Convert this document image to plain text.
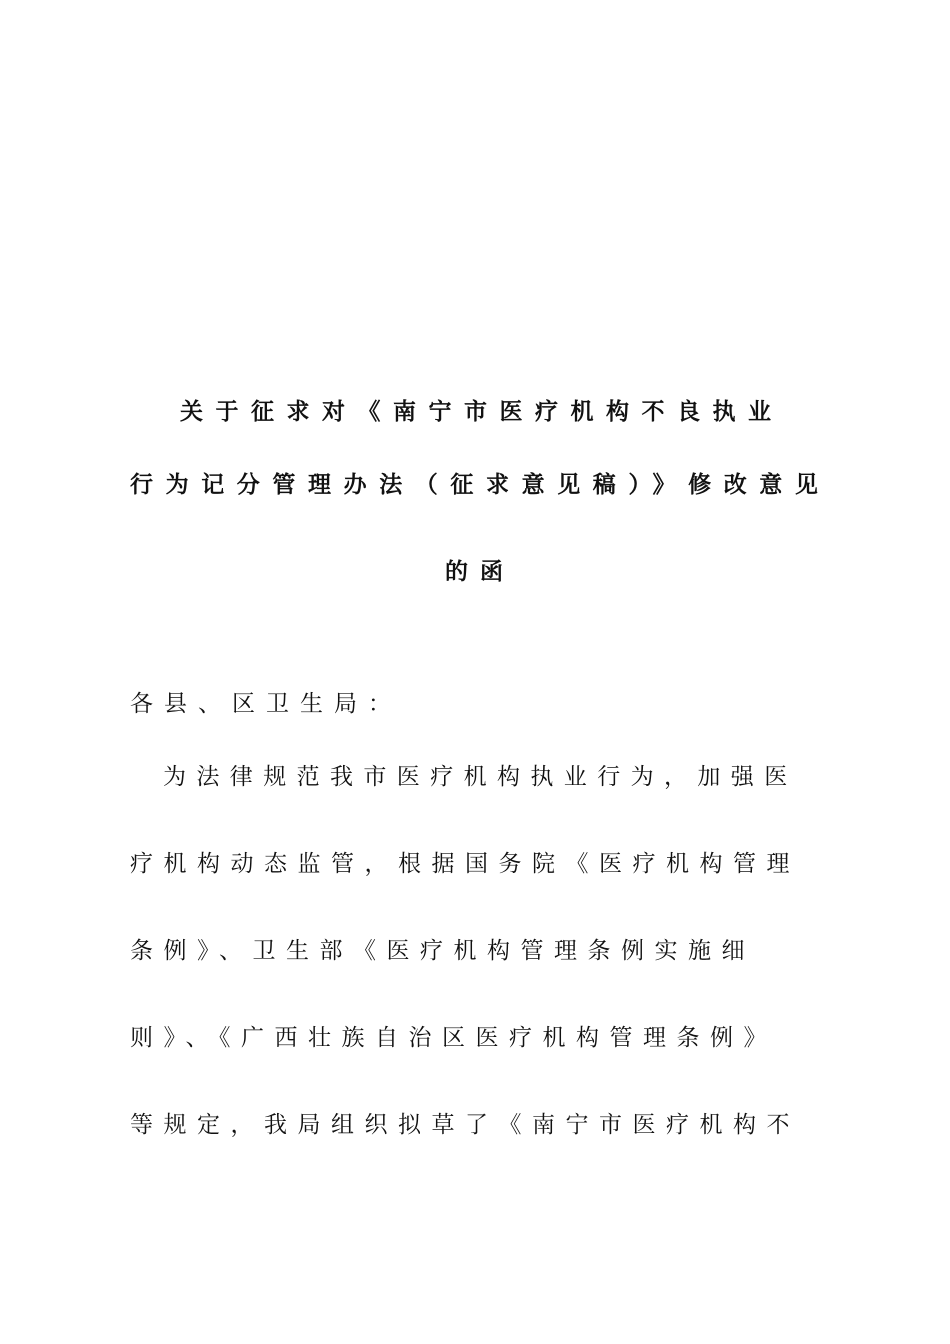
关于征求对《南宁市医疗机构不良执业
行为记分管理办法（征求意见稿）》修改意见
的函
各县、区卫生局：
为法律规范我市医疗机构执业行为，加强医
疗机构动态监管，根据国务院《医疗机构管理
条例》、卫生部《医疗机构管理条例实施细
则》、《广西壮族自治区医疗机构管理条例》
等规定，我局组织拟草了《南宁市医疗机构不
